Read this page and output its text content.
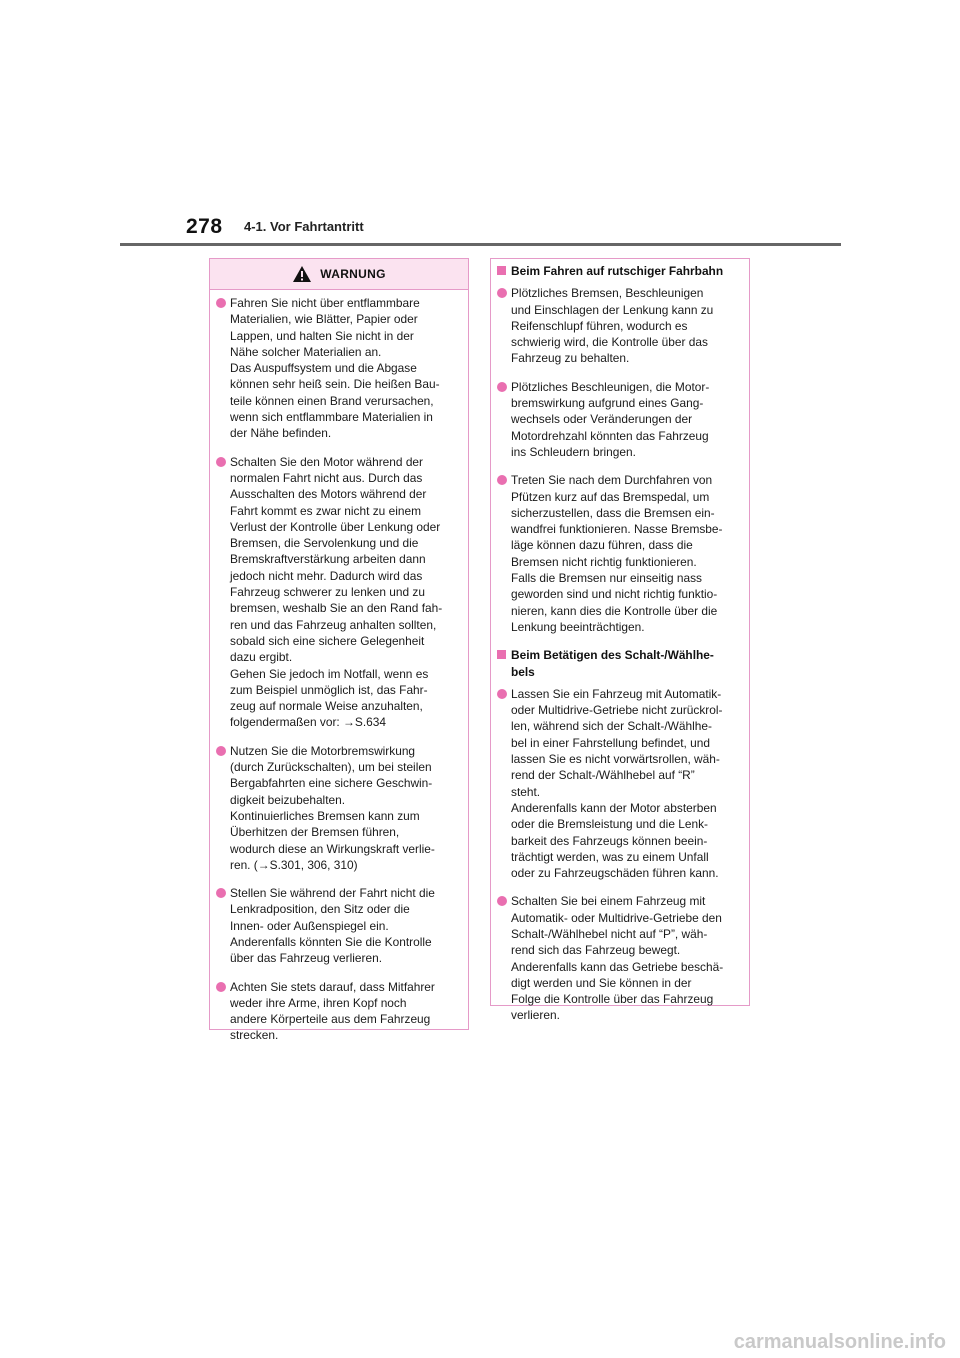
278 4-1. Vor Fahrtantritt
WARNUNG
Fahren Sie nicht über entflammbare
Materialien, wie Blätter, Papier oder
Lappen, und halten Sie nicht in der
Nähe solcher Materialien an.
Das Auspuffsystem und die Abgase
können sehr heiß sein. Die heißen Bau-
teile können einen Brand verursachen,
wenn sich entflammbare Materialien in
der Nähe befinden.
Schalten Sie den Motor während der
normalen Fahrt nicht aus. Durch das
Ausschalten des Motors während der
Fahrt kommt es zwar nicht zu einem
Verlust der Kontrolle über Lenkung oder
Bremsen, die Servolenkung und die
Bremskraftverstärkung arbeiten dann
jedoch nicht mehr. Dadurch wird das
Fahrzeug schwerer zu lenken und zu
bremsen, weshalb Sie an den Rand fah-
ren und das Fahrzeug anhalten sollten,
sobald sich eine sichere Gelegenheit
dazu ergibt.
Gehen Sie jedoch im Notfall, wenn es
zum Beispiel unmöglich ist, das Fahr-
zeug auf normale Weise anzuhalten,
folgendermaßen vor: →S.634
Nutzen Sie die Motorbremswirkung
(durch Zurückschalten), um bei steilen
Bergabfahrten eine sichere Geschwin-
digkeit beizubehalten.
Kontinuierliches Bremsen kann zum
Überhitzen der Bremsen führen,
wodurch diese an Wirkungskraft verlie-
ren. (→S.301, 306, 310)
Stellen Sie während der Fahrt nicht die
Lenkradposition, den Sitz oder die
Innen- oder Außenspiegel ein.
Anderenfalls könnten Sie die Kontrolle
über das Fahrzeug verlieren.
Achten Sie stets darauf, dass Mitfahrer
weder ihre Arme, ihren Kopf noch
andere Körperteile aus dem Fahrzeug
strecken.
Beim Fahren auf rutschiger Fahrbahn
Plötzliches Bremsen, Beschleunigen
und Einschlagen der Lenkung kann zu
Reifenschlupf führen, wodurch es
schwierig wird, die Kontrolle über das
Fahrzeug zu behalten.
Plötzliches Beschleunigen, die Motor-
bremswirkung aufgrund eines Gang-
wechsels oder Veränderungen der
Motordrehzahl könnten das Fahrzeug
ins Schleudern bringen.
Treten Sie nach dem Durchfahren von
Pfützen kurz auf das Bremspedal, um
sicherzustellen, dass die Bremsen ein-
wandfrei funktionieren. Nasse Bremsbe-
läge können dazu führen, dass die
Bremsen nicht richtig funktionieren.
Falls die Bremsen nur einseitig nass
geworden sind und nicht richtig funktio-
nieren, kann dies die Kontrolle über die
Lenkung beeinträchtigen.
Beim Betätigen des Schalt-/Wählhe-
bels
Lassen Sie ein Fahrzeug mit Automatik-
oder Multidrive-Getriebe nicht zurückrol-
len, während sich der Schalt-/Wählhe-
bel in einer Fahrstellung befindet, und
lassen Sie es nicht vorwärtsrollen, wäh-
rend der Schalt-/Wählhebel auf “R”
steht.
Anderenfalls kann der Motor absterben
oder die Bremsleistung und die Lenk-
barkeit des Fahrzeugs können beein-
trächtigt werden, was zu einem Unfall
oder zu Fahrzeugschäden führen kann.
Schalten Sie bei einem Fahrzeug mit
Automatik- oder Multidrive-Getriebe den
Schalt-/Wählhebel nicht auf “P”, wäh-
rend sich das Fahrzeug bewegt.
Anderenfalls kann das Getriebe beschä-
digt werden und Sie können in der
Folge die Kontrolle über das Fahrzeug
verlieren.
carmanualsonline.info
